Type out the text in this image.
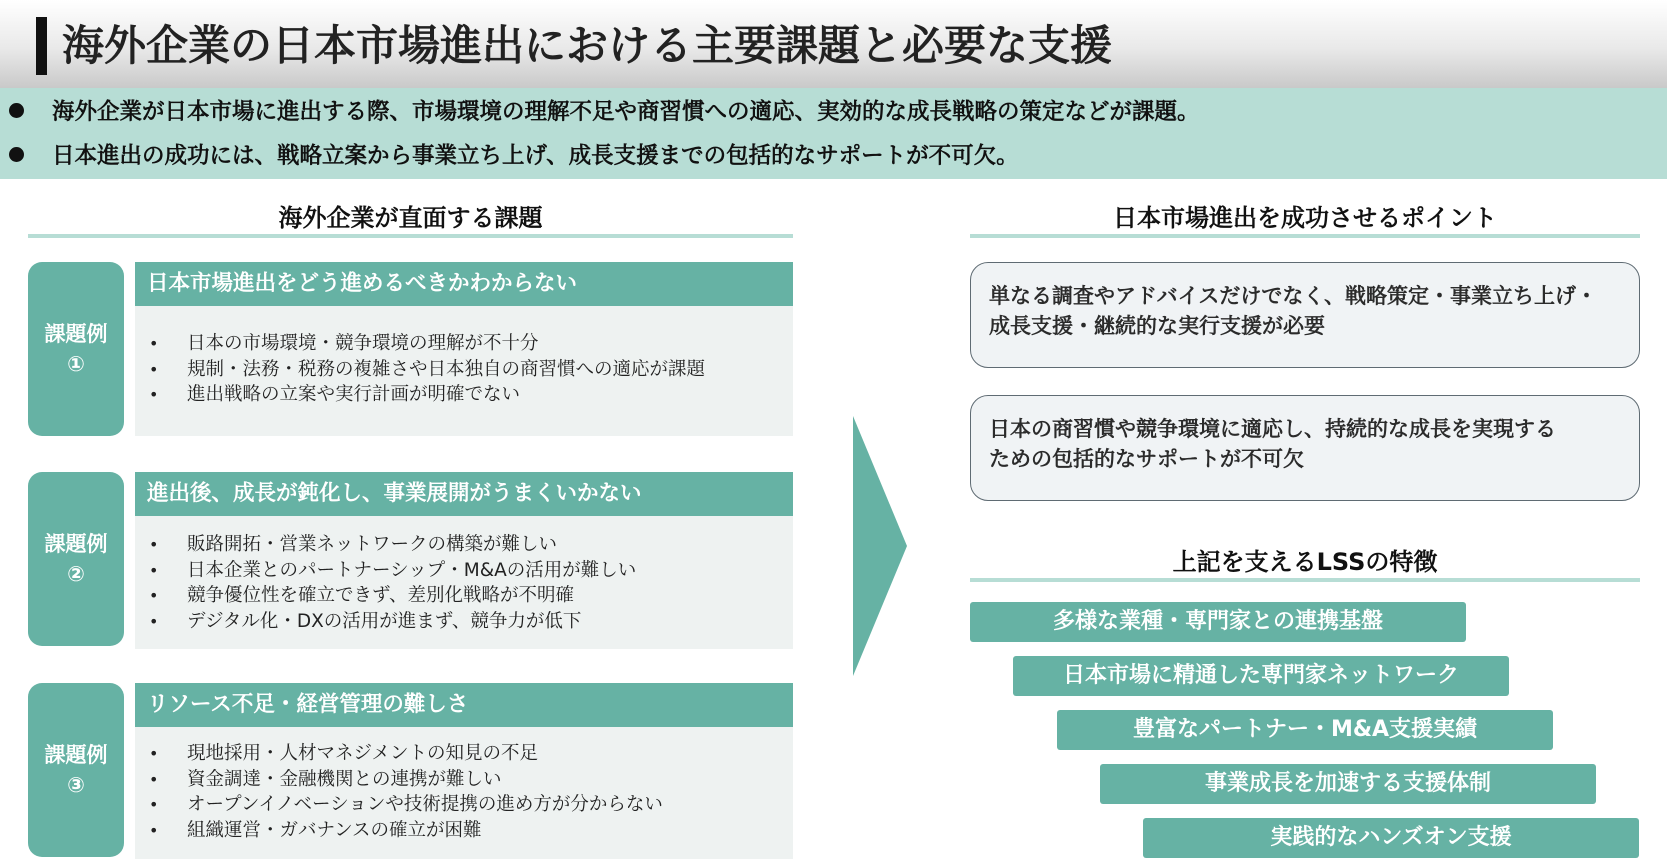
海外企業の日本市場進出における主要課題と必要な支援
海外企業が日本市場に進出する際、市場環境の理解不足や商習慣への適応、実効的な成長戦略の策定などが課題。
日本進出の成功には、戦略立案から事業立ち上げ、成長支援までの包括的なサポートが不可欠。
海外企業が直面する課題
課題例
①
日本市場進出をどう進めるべきかわからない
• 日本の市場環境・競争環境の理解が不十分
• 規制・法務・税務の複雑さや日本独自の商習慣への適応が課題
• 進出戦略の立案や実行計画が明確でない
課題例
②
進出後、成長が鈍化し、事業展開がうまくいかない
• 販路開拓・営業ネットワークの構築が難しい
• 日本企業とのパートナーシップ・M&Aの活用が難しい
• 競争優位性を確立できず、差別化戦略が不明確
• デジタル化・DXの活用が進まず、競争力が低下
課題例
③
リソース不足・経営管理の難しさ
• 現地採用・人材マネジメントの知見の不足
• 資金調達・金融機関との連携が難しい
• オープンイノベーションや技術提携の進め方が分からない
• 組織運営・ガバナンスの確立が困難
日本市場進出を成功させるポイント
単なる調査やアドバイスだけでなく、戦略策定・事業立ち上げ・
成長支援・継続的な実行支援が必要
日本の商習慣や競争環境に適応し、持続的な成長を実現する
ための包括的なサポートが不可欠
上記を支えるLSSの特徴
多様な業種・専門家との連携基盤
日本市場に精通した専門家ネットワーク
豊富なパートナー・M&A支援実績
事業成長を加速する支援体制
実践的なハンズオン支援
